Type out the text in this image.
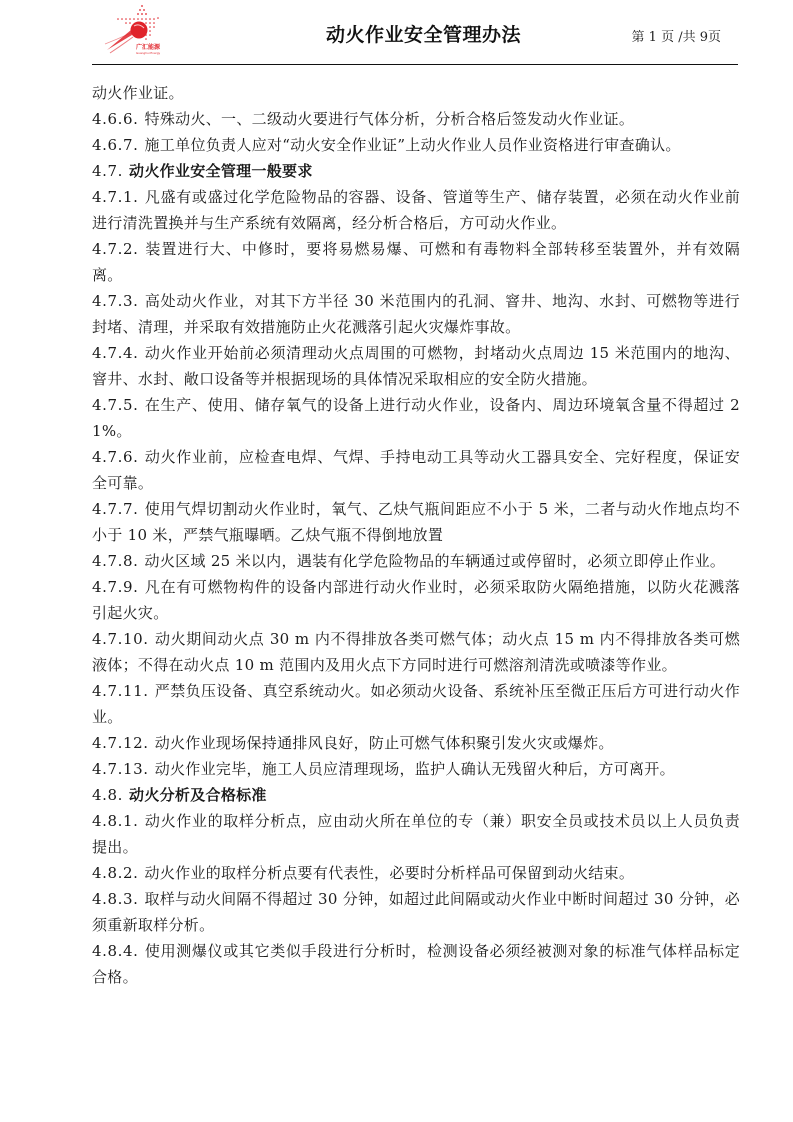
广汇能源
Guanghui Energy
动火作业安全管理办法	第 1 页 /共 9页

动火作业证。

4.6.6. 特殊动火、一、二级动火要进行气体分析，分析合格后签发动火作业证。

4.6.7. 施工单位负责人应对“动火安全作业证”上动火作业人员作业资格进行审查确认。

4.7. 动火作业安全管理一般要求

4.7.1. 凡盛有或盛过化学危险物品的容器、设备、管道等生产、储存装置，必须在动火作业前进行清洗置换并与生产系统有效隔离，经分析合格后，方可动火作业。

4.7.2. 装置进行大、中修时，要将易燃易爆、可燃和有毒物料全部转移至装置外，并有效隔离。

4.7.3. 高处动火作业，对其下方半径 30 米范围内的孔洞、窨井、地沟、水封、可燃物等进行封堵、清理，并采取有效措施防止火花溅落引起火灾爆炸事故。

4.7.4. 动火作业开始前必须清理动火点周围的可燃物，封堵动火点周边 15 米范围内的地沟、窨井、水封、敞口设备等并根据现场的具体情况采取相应的安全防火措施。

4.7.5. 在生产、使用、储存氧气的设备上进行动火作业，设备内、周边环境氧含量不得超过 21%。

4.7.6. 动火作业前，应检查电焊、气焊、手持电动工具等动火工器具安全、完好程度，保证安全可靠。

4.7.7. 使用气焊切割动火作业时，氧气、乙炔气瓶间距应不小于 5 米，二者与动火作地点均不小于 10 米，严禁气瓶曝晒。乙炔气瓶不得倒地放置

4.7.8. 动火区域 25 米以内，遇装有化学危险物品的车辆通过或停留时，必须立即停止作业。

4.7.9. 凡在有可燃物构件的设备内部进行动火作业时，必须采取防火隔绝措施，以防火花溅落引起火灾。

4.7.10. 动火期间动火点 30 m 内不得排放各类可燃气体；动火点 15 m 内不得排放各类可燃液体；不得在动火点 10 m 范围内及用火点下方同时进行可燃溶剂清洗或喷漆等作业。

4.7.11. 严禁负压设备、真空系统动火。如必须动火设备、系统补压至微正压后方可进行动火作业。

4.7.12. 动火作业现场保持通排风良好，防止可燃气体积聚引发火灾或爆炸。

4.7.13. 动火作业完毕，施工人员应清理现场，监护人确认无残留火种后，方可离开。

4.8. 动火分析及合格标准

4.8.1. 动火作业的取样分析点，应由动火所在单位的专（兼）职安全员或技术员以上人员负责提出。

4.8.2. 动火作业的取样分析点要有代表性，必要时分析样品可保留到动火结束。

4.8.3. 取样与动火间隔不得超过 30 分钟，如超过此间隔或动火作业中断时间超过 30 分钟，必须重新取样分析。

4.8.4. 使用测爆仪或其它类似手段进行分析时，检测设备必须经被测对象的标准气体样品标定合格。
